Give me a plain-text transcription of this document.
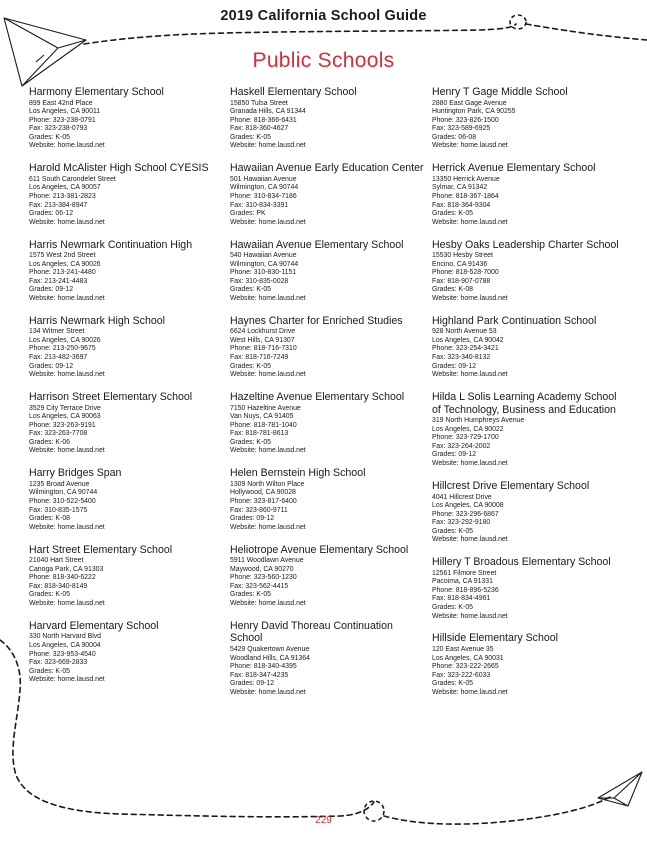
2019 California School Guide
Public Schools
Harmony Elementary School
899 East 42nd Place
Los Angeles, CA 90011
Phone: 323-238-0791
Fax: 323-238-0793
Grades: K-05
Website: home.lausd.net
Harold McAlister High School CYESIS
611 South Carondelet Street
Los Angeles, CA 90057
Phone: 213-381-2823
Fax: 213-384-8947
Grades: 06-12
Website: home.lausd.net
Harris Newmark Continuation High
1575 West 2nd Street
Los Angeles, CA 90026
Phone: 213-241-4480
Fax: 213-241-4483
Grades: 09-12
Website: home.lausd.net
Harris Newmark High School
134 Witmer Street
Los Angeles, CA 90026
Phone: 213-250-9675
Fax: 213-482-3697
Grades: 09-12
Website: home.lausd.net
Harrison Street Elementary School
3529 City Terrace Drive
Los Angeles, CA 90063
Phone: 323-263-9191
Fax: 323-263-7708
Grades: K-06
Website: home.lausd.net
Harry Bridges Span
1235 Broad Avenue
Wilmington, CA 90744
Phone: 310-522-5400
Fax: 310-835-1575
Grades: K-08
Website: home.lausd.net
Hart Street Elementary School
21040 Hart Street
Canoga Park, CA 91303
Phone: 818-340-6222
Fax: 818-340-8149
Grades: K-05
Website: home.lausd.net
Harvard Elementary School
330 North Harvard Blvd
Los Angeles, CA 90004
Phone: 323-953-4540
Fax: 323-669-2833
Grades: K-05
Website: home.lausd.net
Haskell Elementary School
15850 Tulsa Street
Granada Hills, CA 91344
Phone: 818-366-6431
Fax: 818-360-4627
Grades: K-05
Website: home.lausd.net
Hawaiian Avenue Early Education Center
501 Hawaiian Avenue
Wilmington, CA 90744
Phone: 310-834-7186
Fax: 310-834-3391
Grades: PK
Website: home.lausd.net
Hawaiian Avenue Elementary School
540 Hawaiian Avenue
Wilmington, CA 90744
Phone: 310-830-1151
Fax: 310-835-0028
Grades: K-05
Website: home.lausd.net
Haynes Charter for Enriched Studies
6624 Lockhurst Drive
West Hills, CA 91307
Phone: 818-716-7310
Fax: 818-716-7249
Grades: K-05
Website: home.lausd.net
Hazeltine Avenue Elementary School
7150 Hazeltine Avenue
Van Nuys, CA 91405
Phone: 818-781-1040
Fax: 818-781-8613
Grades: K-05
Website: home.lausd.net
Helen Bernstein High School
1309 North Wilton Place
Hollywood, CA 90028
Phone: 323-817-6400
Fax: 323-860-9711
Grades: 09-12
Website: home.lausd.net
Heliotrope Avenue Elementary School
5911 Woodlawn Avenue
Maywood, CA 90270
Phone: 323-560-1230
Fax: 323-562-4415
Grades: K-05
Website: home.lausd.net
Henry David Thoreau Continuation School
5429 Quakertown Avenue
Woodland Hills, CA 91364
Phone: 818-340-4395
Fax: 818-347-4235
Grades: 09-12
Website: home.lausd.net
Henry T Gage Middle School
2880 East Gage Avenue
Huntington Park, CA 90255
Phone: 323-826-1500
Fax: 323-589-6925
Grades: 06-08
Website: home.lausd.net
Herrick Avenue Elementary School
13350 Herrick Avenue
Sylmar, CA 91342
Phone: 818-367-1864
Fax: 818-364-9304
Grades: K-05
Website: home.lausd.net
Hesby Oaks Leadership Charter School
15530 Hesby Street
Encino, CA 91436
Phone: 818-528-7000
Fax: 818-907-0788
Grades: K-08
Website: home.lausd.net
Highland Park Continuation School
928 North Avenue 53
Los Angeles, CA 90042
Phone: 323-254-3421
Fax: 323-340-8132
Grades: 09-12
Website: home.lausd.net
Hilda L Solis Learning Academy School of Technology, Business and Education
319 North Humphreys Avenue
Los Angeles, CA 90022
Phone: 323-729-1700
Fax: 323-264-2002
Grades: 09-12
Website: home.lausd.net
Hillcrest Drive Elementary School
4041 Hillcrest Drive
Los Angeles, CA 90008
Phone: 323-296-6867
Fax: 323-292-9180
Grades: K-05
Website: home.lausd.net
Hillery T Broadous Elementary School
12561 Filmore Street
Pacoima, CA 91331
Phone: 818-896-5236
Fax: 818-834-4961
Grades: K-05
Website: home.lausd.net
Hillside Elementary School
120 East Avenue 35
Los Angeles, CA 90031
Phone: 323-222-2665
Fax: 323-222-6033
Grades: K-05
Website: home.lausd.net
229
